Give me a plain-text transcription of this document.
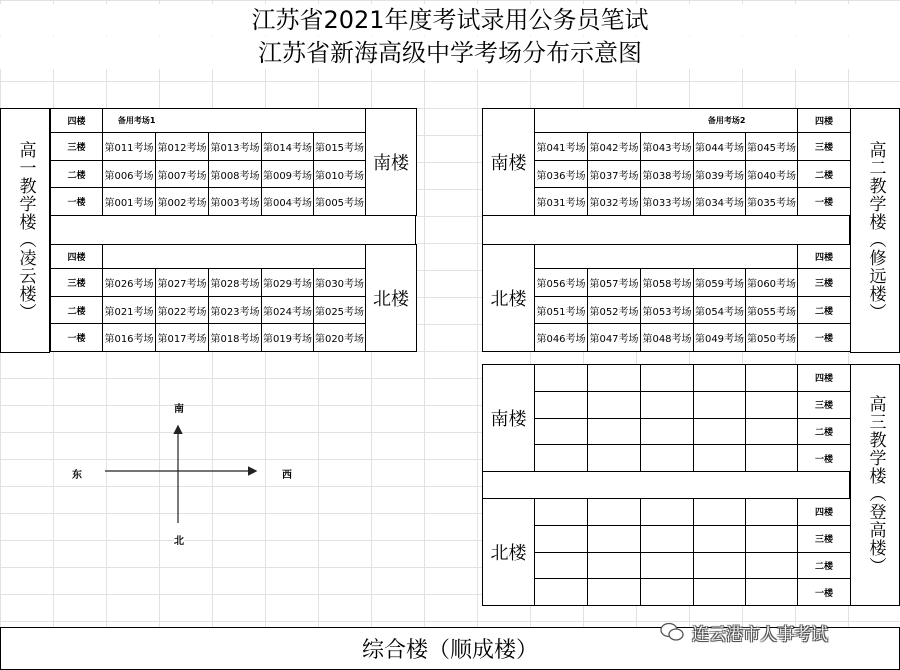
江苏省2021年度考试录用公务员笔试
江苏省新海高级中学考场分布示意图
高一教学楼（凌云楼）
四楼	备用考场1					南楼
三楼	第011考场	第012考场	第013考场	第014考场	第015考场	
二楼	第006考场	第007考场	第008考场	第009考场	第010考场	
一楼	第001考场	第002考场	第003考场	第004考场	第005考场	
四楼						北楼
三楼	第026考场	第027考场	第028考场	第029考场	第030考场	
二楼	第021考场	第022考场	第023考场	第024考场	第025考场	
一楼	第016考场	第017考场	第018考场	第019考场	第020考场	
南楼				备用考场2		四楼
	第041考场	第042考场	第043考场	第044考场	第045考场	三楼
	第036考场	第037考场	第038考场	第039考场	第040考场	二楼
	第031考场	第032考场	第033考场	第034考场	第035考场	一楼
北楼						四楼
	第056考场	第057考场	第058考场	第059考场	第060考场	三楼
	第051考场	第052考场	第053考场	第054考场	第055考场	二楼
	第046考场	第047考场	第048考场	第049考场	第050考场	一楼
高二教学楼（修远楼）
南楼						四楼
						三楼
						二楼
						一楼
北楼						四楼
						三楼
						二楼
						一楼
高三教学楼（登高楼）
南
北
东	西
综合楼（顺成楼）
连云港市人事考试
